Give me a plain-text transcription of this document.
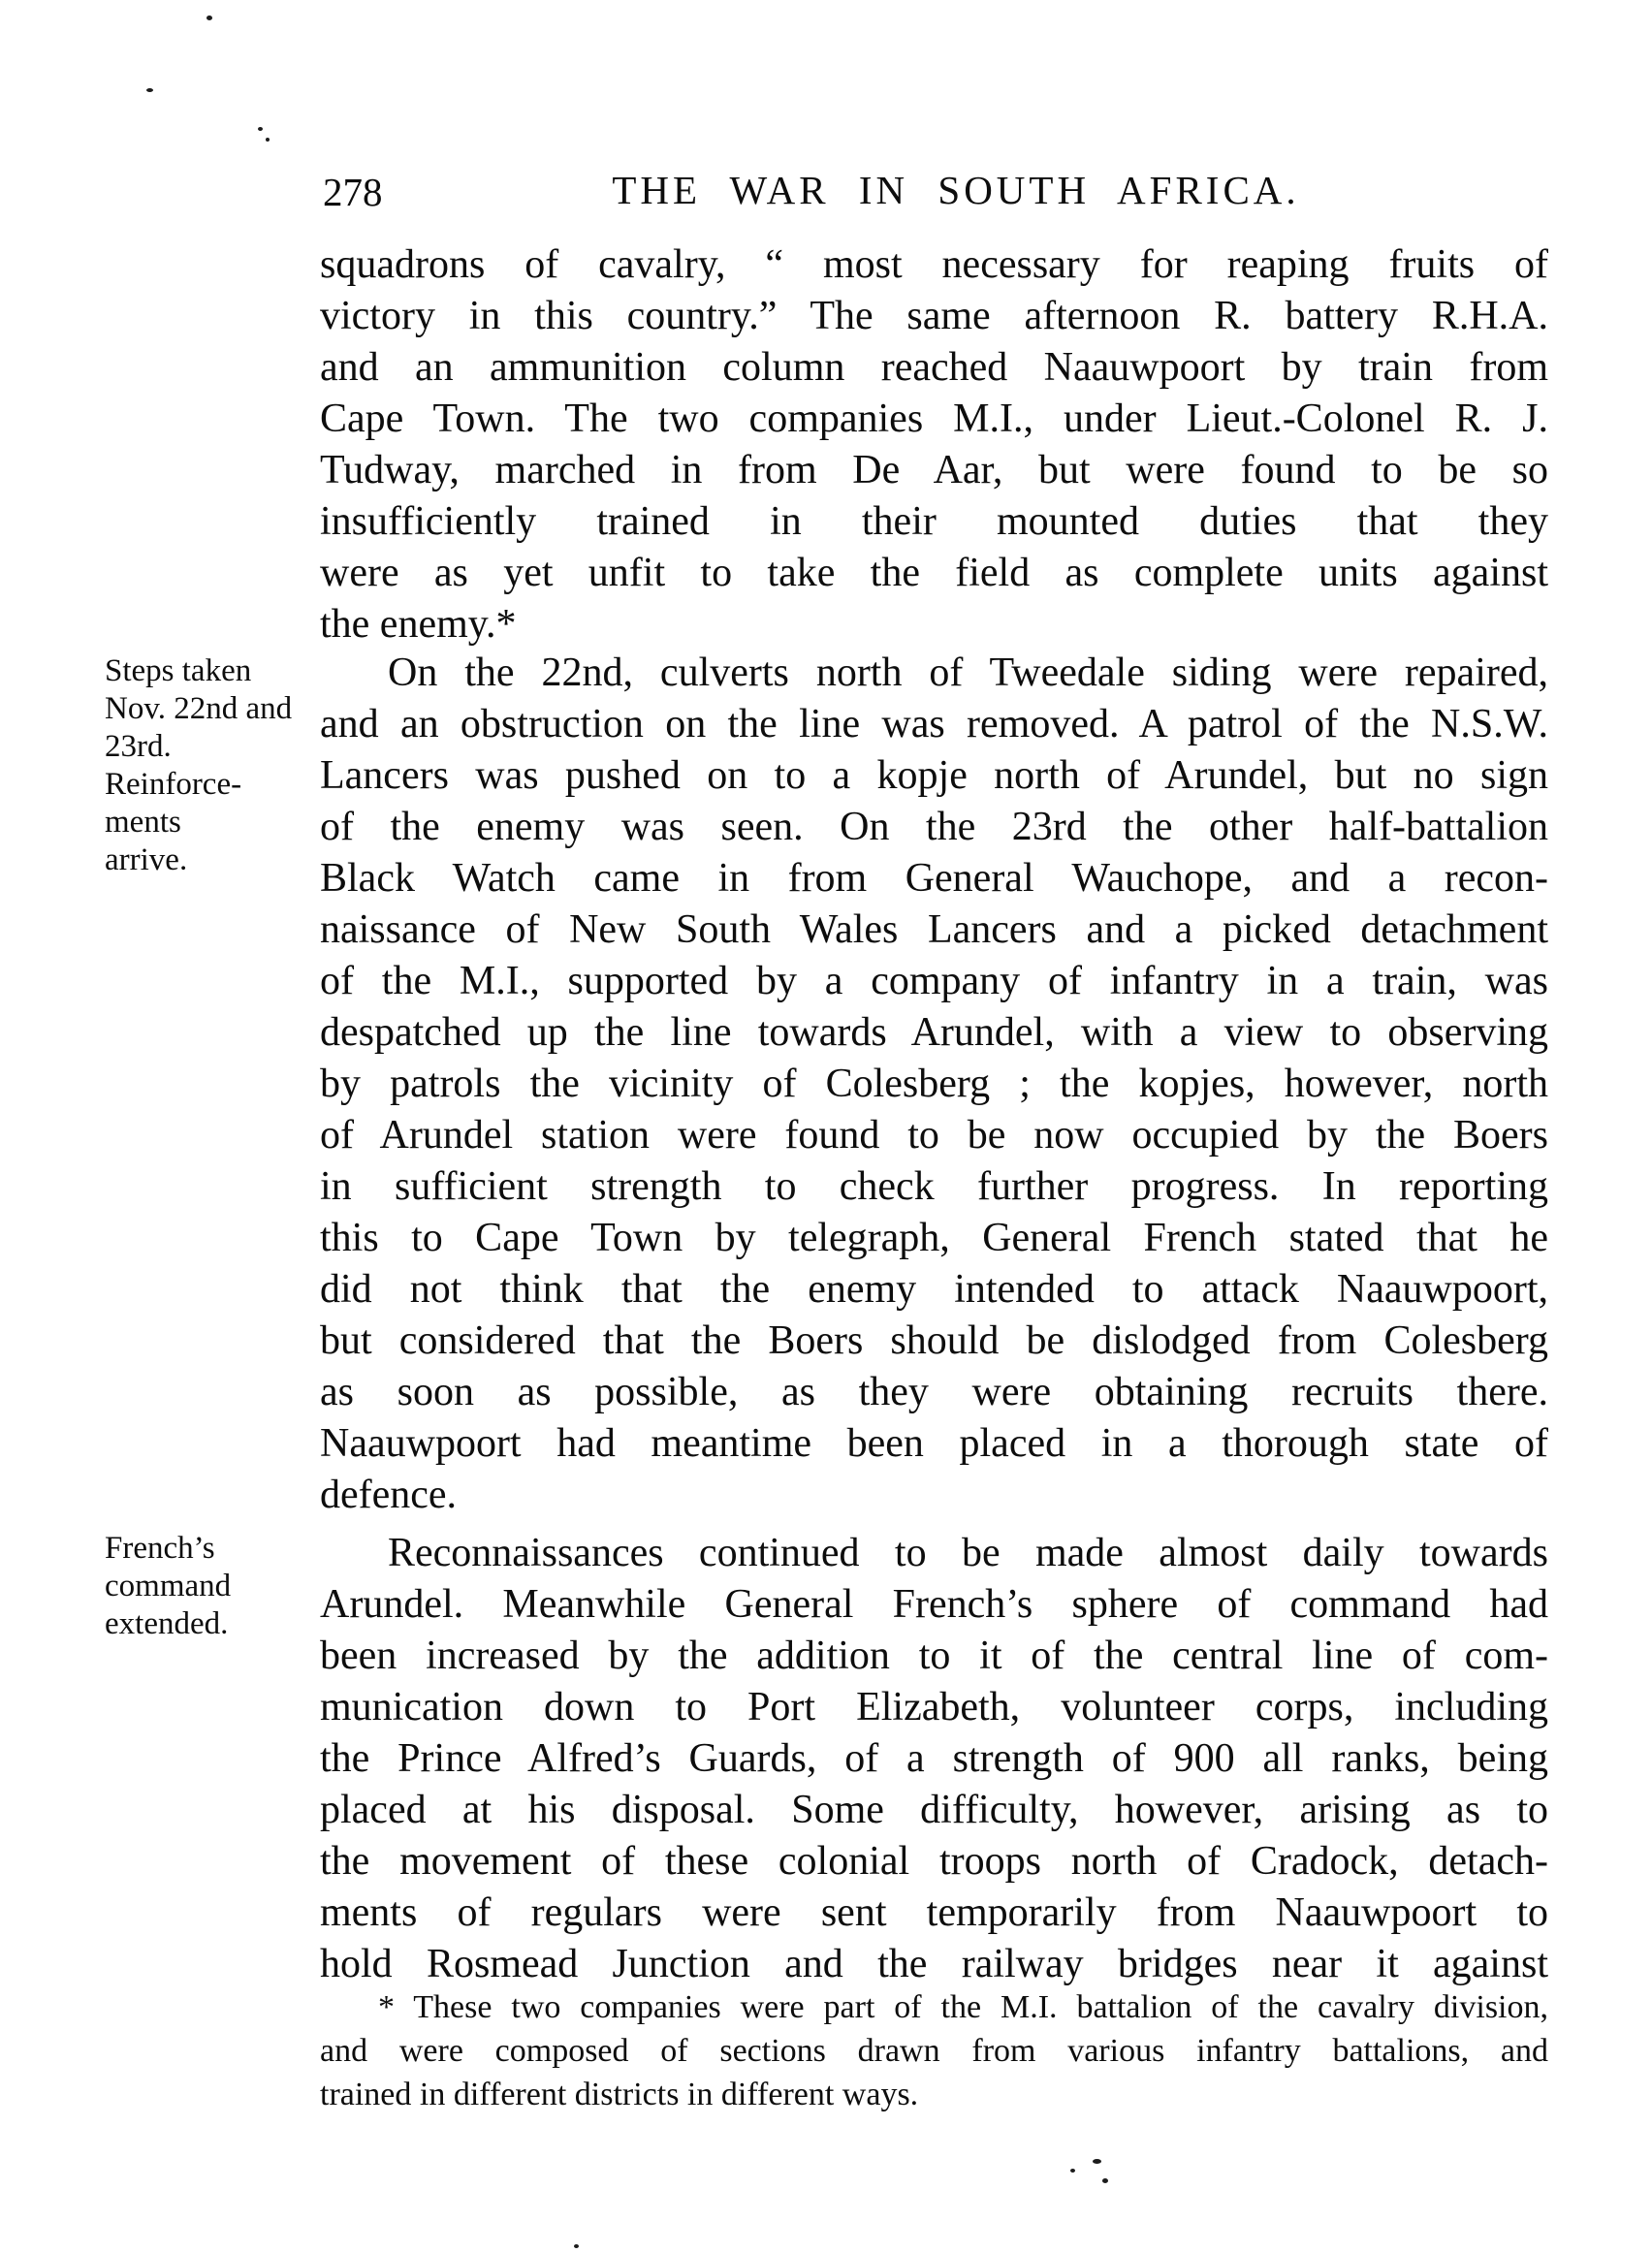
278	THE WAR IN SOUTH AFRICA.
Steps taken
Nov. 22nd and
23rd.
Reinforce-
ments
arrive.
French’s
command
extended.
squadrons of cavalry, “ most necessary for reaping fruits of
victory in this country.” The same afternoon R. battery R.H.A.
and an ammunition column reached Naauwpoort by train from
Cape Town. The two companies M.I., under Lieut.-Colonel R. J.
Tudway, marched in from De Aar, but were found to be so
insufficiently trained in their mounted duties that they
were as yet unfit to take the field as complete units against
the enemy.*
On the 22nd, culverts north of Tweedale siding were repaired,
and an obstruction on the line was removed. A patrol of the N.S.W.
Lancers was pushed on to a kopje north of Arundel, but no sign
of the enemy was seen. On the 23rd the other half-battalion
Black Watch came in from General Wauchope, and a recon-
naissance of New South Wales Lancers and a picked detachment
of the M.I., supported by a company of infantry in a train, was
despatched up the line towards Arundel, with a view to observing
by patrols the vicinity of Colesberg ; the kopjes, however, north
of Arundel station were found to be now occupied by the Boers
in sufficient strength to check further progress. In reporting
this to Cape Town by telegraph, General French stated that he
did not think that the enemy intended to attack Naauwpoort,
but considered that the Boers should be dislodged from Colesberg
as soon as possible, as they were obtaining recruits there.
Naauwpoort had meantime been placed in a thorough state of
defence.
Reconnaissances continued to be made almost daily towards
Arundel. Meanwhile General French’s sphere of command had
been increased by the addition to it of the central line of com-
munication down to Port Elizabeth, volunteer corps, including
the Prince Alfred’s Guards, of a strength of 900 all ranks, being
placed at his disposal. Some difficulty, however, arising as to
the movement of these colonial troops north of Cradock, detach-
ments of regulars were sent temporarily from Naauwpoort to
hold Rosmead Junction and the railway bridges near it against
* These two companies were part of the M.I. battalion of the cavalry division,
and were composed of sections drawn from various infantry battalions, and
trained in different districts in different ways.
